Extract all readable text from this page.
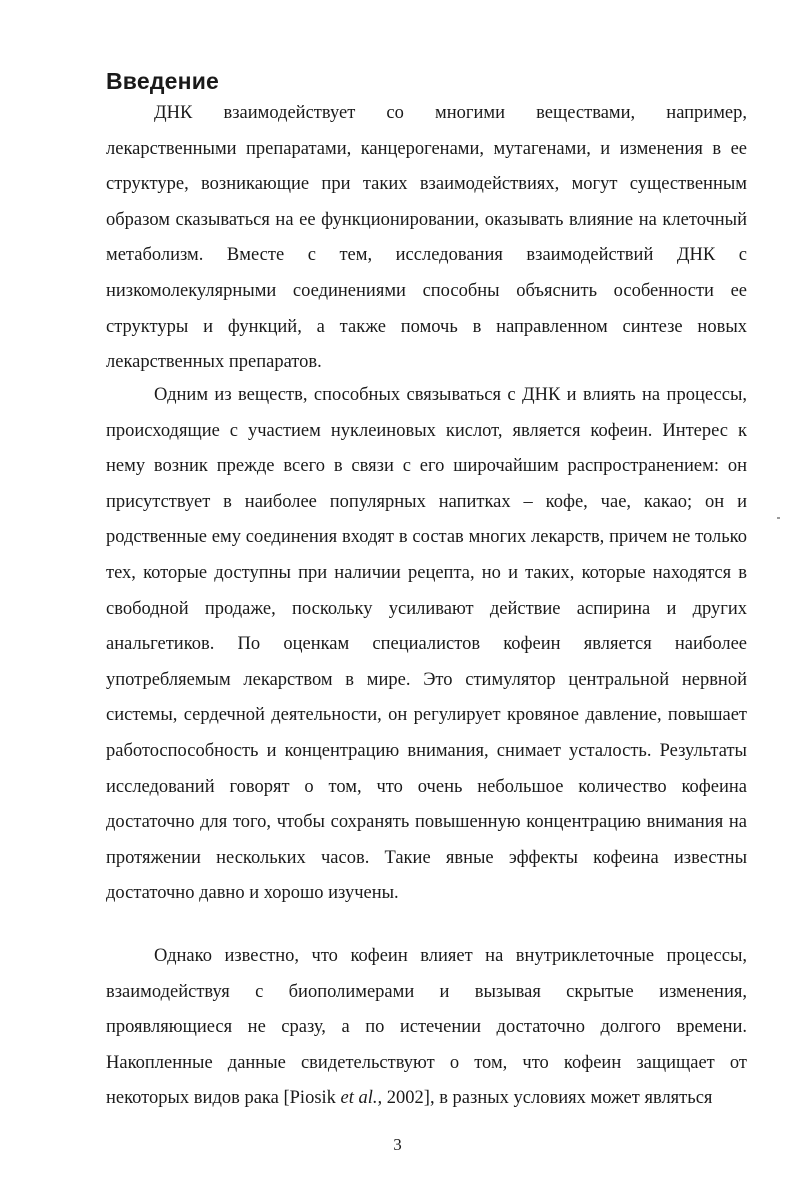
Введение

ДНК взаимодействует со многими веществами, например, лекарственными препаратами, канцерогенами, мутагенами, и изменения в ее структуре, возникающие при таких взаимодействиях, могут существенным образом сказываться на ее функционировании, оказывать влияние на клеточный метаболизм. Вместе с тем, исследования взаимодействий ДНК с низкомолекулярными соединениями способны объяснить особенности ее структуры и функций, а также помочь в направленном синтезе новых лекарственных препаратов.

Одним из веществ, способных связываться с ДНК и влиять на процессы, происходящие с участием нуклеиновых кислот, является кофеин. Интерес к нему возник прежде всего в связи с его широчайшим распространением: он присутствует в наиболее популярных напитках – кофе, чае, какао; он и родственные ему соединения входят в состав многих лекарств, причем не только тех, которые доступны при наличии рецепта, но и таких, которые находятся в свободной продаже, поскольку усиливают действие аспирина и других анальгетиков. По оценкам специалистов кофеин является наиболее употребляемым лекарством в мире. Это стимулятор центральной нервной системы, сердечной деятельности, он регулирует кровяное давление, повышает работоспособность и концентрацию внимания, снимает усталость. Результаты исследований говорят о том, что очень небольшое количество кофеина достаточно для того, чтобы сохранять повышенную концентрацию внимания на протяжении нескольких часов. Такие явные эффекты кофеина известны достаточно давно и хорошо изучены.

Однако известно, что кофеин влияет на внутриклеточные процессы, взаимодействуя с биополимерами и вызывая скрытые изменения, проявляющиеся не сразу, а по истечении достаточно долгого времени. Накопленные данные свидетельствуют о том, что кофеин защищает от некоторых видов рака [Piosik et al., 2002], в разных условиях может являться

3
